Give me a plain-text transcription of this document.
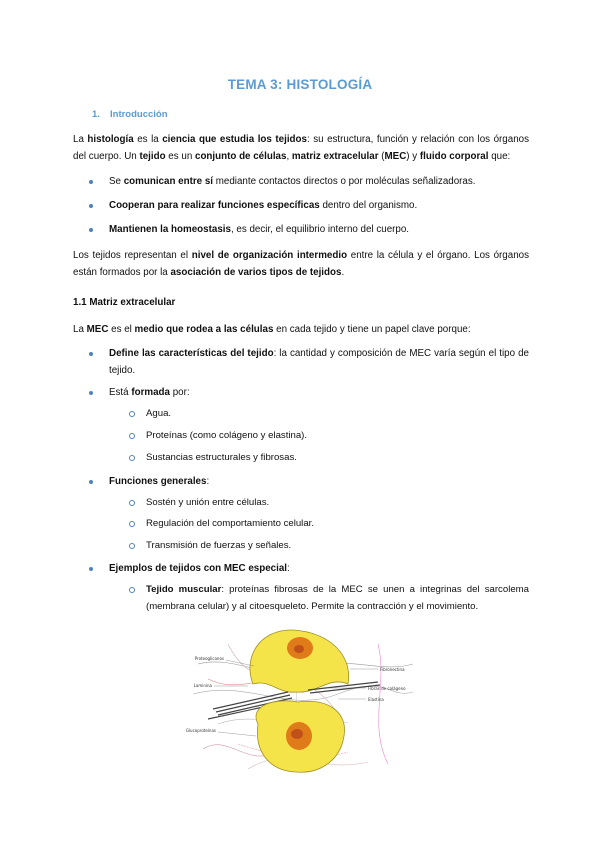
TEMA 3: HISTOLOGÍA
1. Introducción
La histología es la ciencia que estudia los tejidos: su estructura, función y relación con los órganos del cuerpo. Un tejido es un conjunto de células, matriz extracelular (MEC) y fluido corporal que:
Se comunican entre sí mediante contactos directos o por moléculas señalizadoras.
Cooperan para realizar funciones específicas dentro del organismo.
Mantienen la homeostasis, es decir, el equilibrio interno del cuerpo.
Los tejidos representan el nivel de organización intermedio entre la célula y el órgano. Los órganos están formados por la asociación de varios tipos de tejidos.
1.1 Matriz extracelular
La MEC es el medio que rodea a las células en cada tejido y tiene un papel clave porque:
Define las características del tejido: la cantidad y composición de MEC varía según el tipo de tejido.
Está formada por:
Agua.
Proteínas (como colágeno y elastina).
Sustancias estructurales y fibrosas.
Funciones generales:
Sostén y unión entre células.
Regulación del comportamiento celular.
Transmisión de fuerzas y señales.
Ejemplos de tejidos con MEC especial:
Tejido muscular: proteínas fibrosas de la MEC se unen a integrinas del sarcolema (membrana celular) y al citoesqueleto. Permite la contracción y el movimiento.
Proteoglicanos
Fibronectina
Fibras de colágeno
Laminina
Elastina
Glucoproteínas
